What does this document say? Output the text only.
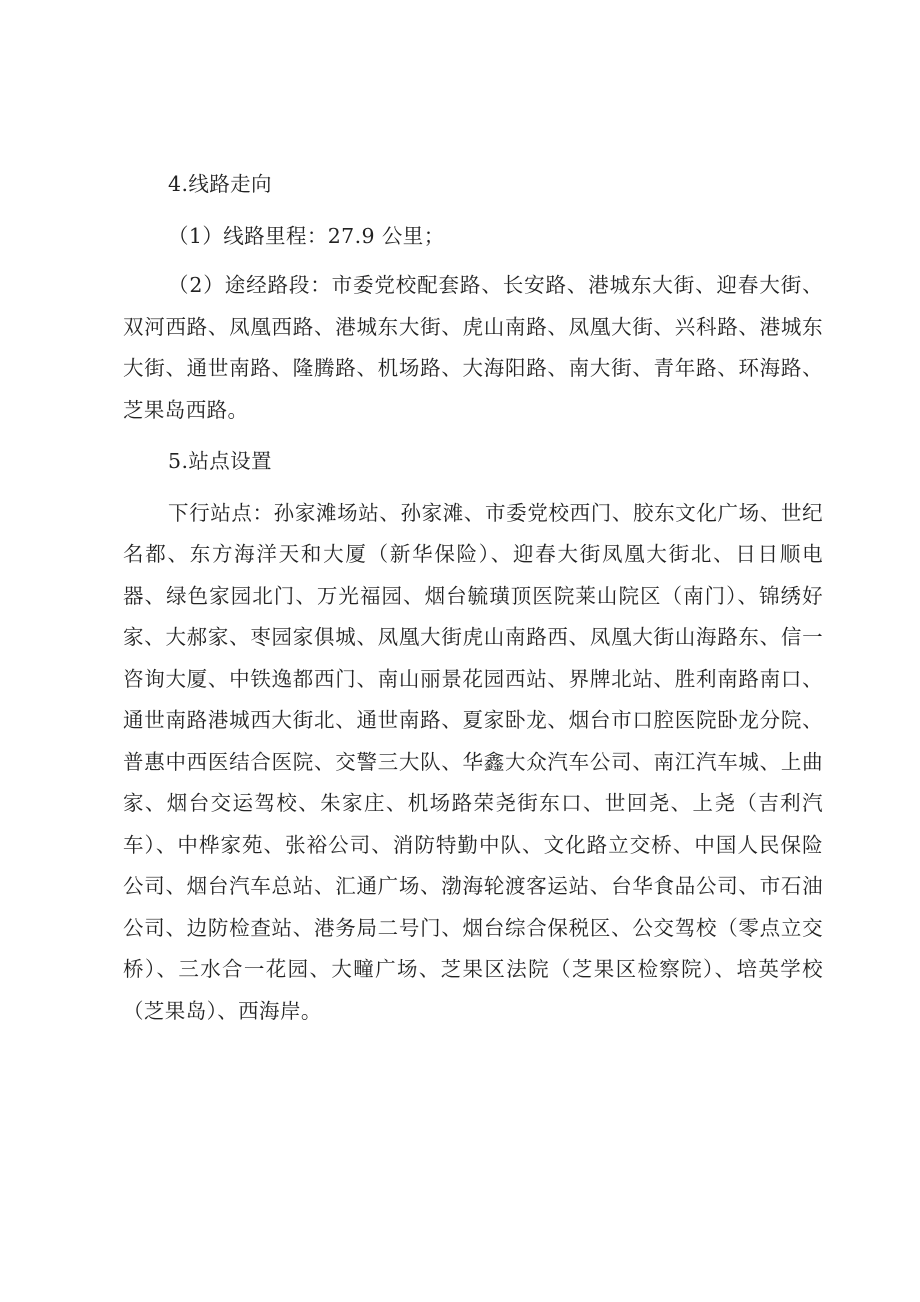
4.线路走向

（1）线路里程：27.9 公里；

（2）途经路段：市委党校配套路、长安路、港城东大街、迎春大街、双河西路、凤凰西路、港城东大街、虎山南路、凤凰大街、兴科路、港城东大街、通世南路、隆腾路、机场路、大海阳路、南大街、青年路、环海路、芝果岛西路。

5.站点设置

下行站点：孙家滩场站、孙家滩、市委党校西门、胶东文化广场、世纪名都、东方海洋天和大厦（新华保险）、迎春大街凤凰大街北、日日顺电器、绿色家园北门、万光福园、烟台毓璜顶医院莱山院区（南门）、锦绣好家、大郝家、枣园家俱城、凤凰大街虎山南路西、凤凰大街山海路东、信一咨询大厦、中铁逸都西门、南山丽景花园西站、界牌北站、胜利南路南口、通世南路港城西大街北、通世南路、夏家卧龙、烟台市口腔医院卧龙分院、普惠中西医结合医院、交警三大队、华鑫大众汽车公司、南江汽车城、上曲家、烟台交运驾校、朱家庄、机场路荣尧街东口、世回尧、上尧（吉利汽车）、中桦家苑、张裕公司、消防特勤中队、文化路立交桥、中国人民保险公司、烟台汽车总站、汇通广场、渤海轮渡客运站、台华食品公司、市石油公司、边防检查站、港务局二号门、烟台综合保税区、公交驾校（零点立交桥）、三水合一花园、大疃广场、芝果区法院（芝果区检察院）、培英学校（芝果岛）、西海岸。
